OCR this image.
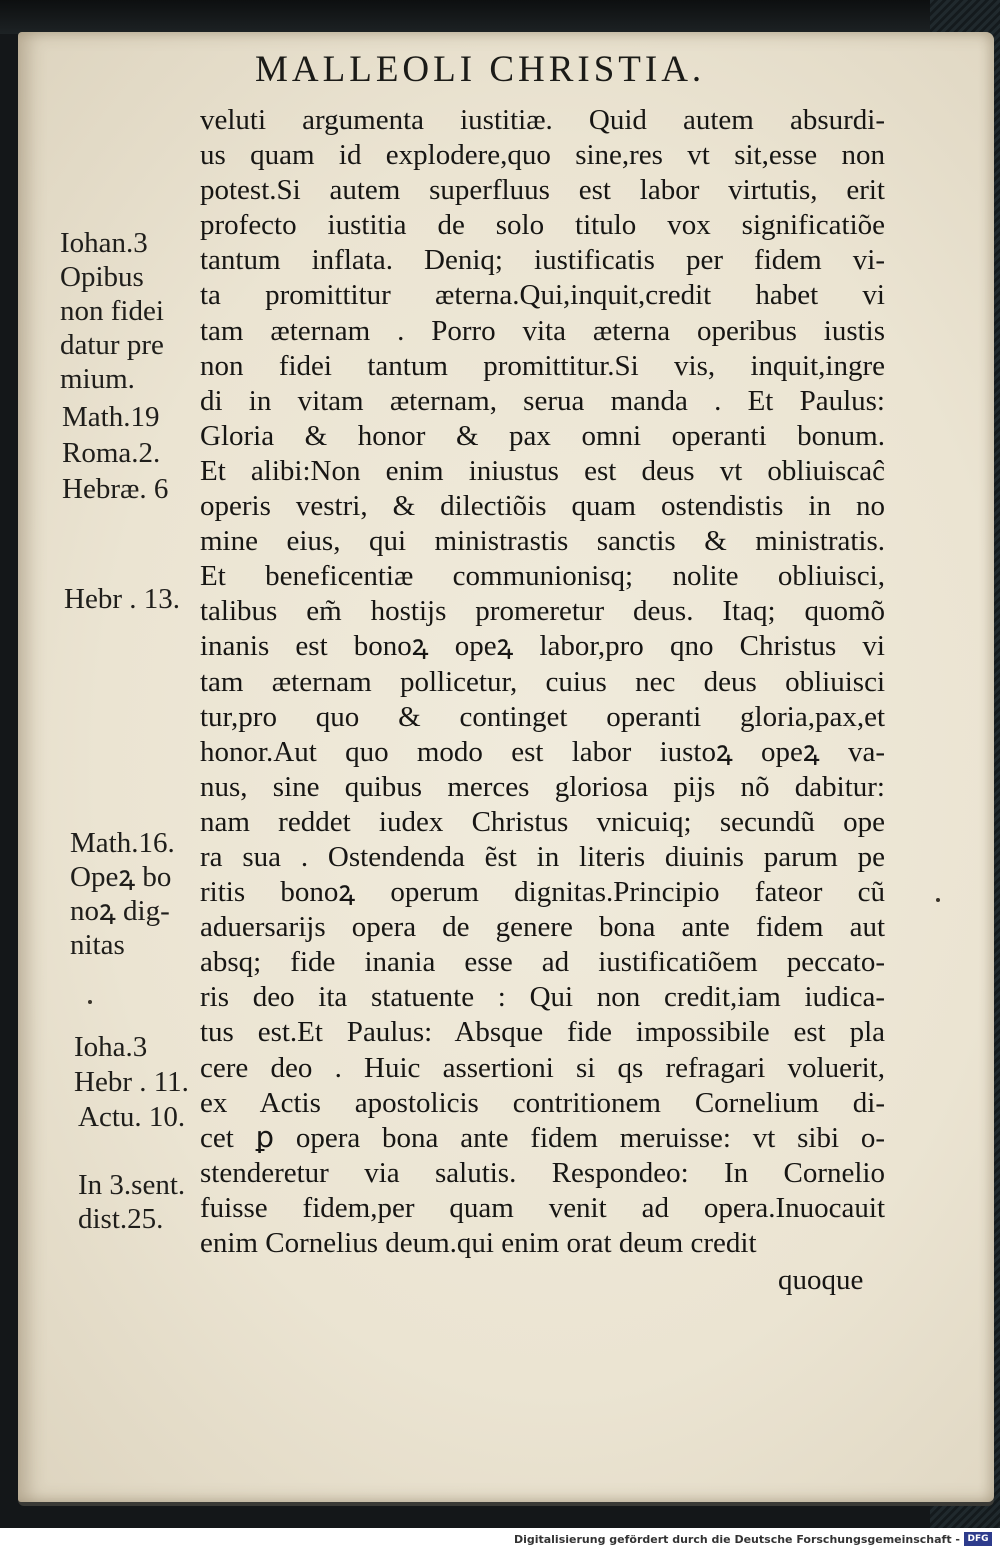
MALLEOLI CHRISTIA.
veluti argumenta iustitiæ. Quid autem absurdi-
us quam id explodere,quo sine,res vt sit,esse non
potest.Si autem superfluus est labor virtutis, erit
profecto iustitia de solo titulo vox significatiõe
tantum inflata. Deniq; iustificatis per fidem vi-
ta promittitur æterna.Qui,inquit,credit habet vi
tam æternam . Porro vita æterna operibus iustis
non fidei tantum promittitur.Si vis, inquit,ingre
di in vitam æternam, serua manda . Et Paulus:
Gloria & honor & pax omni operanti bonum.
Et alibi:Non enim iniustus est deus vt obliuiscaĉ
operis vestri, & dilectiõis quam ostendistis in no
mine eius, qui ministrastis sanctis & ministratis.
Et beneficentiæ communionisq; nolite obliuisci,
talibus em̃ hostijs promeretur deus. Itaq; quomõ
inanis est bonoꝝ opeꝝ labor,pro qno Christus vi
tam æternam pollicetur, cuius nec deus obliuisci
tur,pro quo & continget operanti gloria,pax,et
honor.Aut quo modo est labor iustoꝝ opeꝝ va-
nus, sine quibus merces gloriosa pijs nõ dabitur:
nam reddet iudex Christus vnicuiq; secundũ ope
ra sua . Ostendenda ẽst in literis diuinis parum pe
ritis bonoꝝ operum dignitas.Principio fateor cũ
aduersarijs opera de genere bona ante fidem aut
absq; fide inania esse ad iustificatiõem peccato-
ris deo ita statuente : Qui non credit,iam iudica-
tus est.Et Paulus: Absque fide impossibile est pla
cere deo . Huic assertioni si qs refragari voluerit,
ex Actis apostolicis contritionem Cornelium di-
cet ꝑ opera bona ante fidem meruisse: vt sibi o-
stenderetur via salutis. Respondeo: In Cornelio
fuisse fidem,per quam venit ad opera.Inuocauit
enim Cornelius deum.qui enim orat deum credit
quoque
Iohan.3
Opibus
non fidei
datur pre
mium.
Math.19
Roma.2.
Hebræ. 6
Hebr . 13.
Math.16.
Opeꝝ bo
noꝝ dig-
nitas
Ioha.3
Hebr . 11.
Actu. 10.
In 3.sent.
dist.25.
Digitalisierung gefördert durch die Deutsche Forschungsgemeinschaft - DFG
